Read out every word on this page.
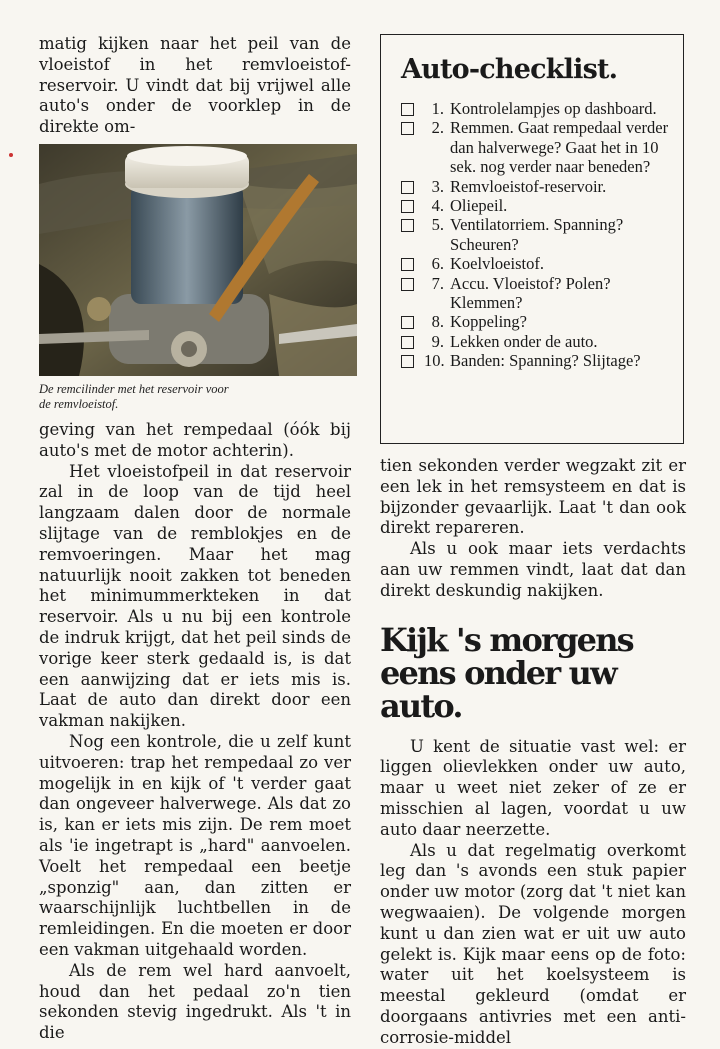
matig kijken naar het peil van de vloeistof in het remvloeistof-reservoir. U vindt dat bij vrijwel alle auto's onder de voorklep in de direkte om-

De remcilinder met het reservoir voor
de remvloeistof.

geving van het rempedaal (óók bij auto's met de motor achterin).

Het vloeistofpeil in dat reservoir zal in de loop van de tijd heel langzaam dalen door de normale slijtage van de remblokjes en de remvoeringen. Maar het mag natuurlijk nooit zakken tot beneden het minimummerkteken in dat reservoir. Als u nu bij een kontrole de indruk krijgt, dat het peil sinds de vorige keer sterk gedaald is, is dat een aanwijzing dat er iets mis is. Laat de auto dan direkt door een vakman nakijken.

Nog een kontrole, die u zelf kunt uitvoeren: trap het rempedaal zo ver mogelijk in en kijk of 't verder gaat dan ongeveer halverwege. Als dat zo is, kan er iets mis zijn. De rem moet als 'ie ingetrapt is „hard" aanvoelen. Voelt het rempedaal een beetje „sponzig" aan, dan zitten er waarschijnlijk luchtbellen in de remleidingen. En die moeten er door een vakman uitgehaald worden.

Als de rem wel hard aanvoelt, houd dan het pedaal zo'n tien sekonden stevig ingedrukt. Als 't in die

Auto-checklist.
1. Kontrolelampjes op dashboard.
2. Remmen. Gaat rempedaal verder dan halverwege? Gaat het in 10 sek. nog verder naar beneden?
3. Remvloeistof-reservoir.
4. Oliepeil.
5. Ventilatorriem. Spanning? Scheuren?
6. Koelvloeistof.
7. Accu. Vloeistof? Polen? Klemmen?
8. Koppeling?
9. Lekken onder de auto.
10. Banden: Spanning? Slijtage?

tien sekonden verder wegzakt zit er een lek in het remsysteem en dat is bijzonder gevaarlijk. Laat 't dan ook direkt repareren.

Als u ook maar iets verdachts aan uw remmen vindt, laat dat dan direkt deskundig nakijken.

Kijk 's morgens
eens onder uw auto.

U kent de situatie vast wel: er liggen olievlekken onder uw auto, maar u weet niet zeker of ze er misschien al lagen, voordat u uw auto daar neerzette.

Als u dat regelmatig overkomt leg dan 's avonds een stuk papier onder uw motor (zorg dat 't niet kan wegwaaien). De volgende morgen kunt u dan zien wat er uit uw auto gelekt is. Kijk maar eens op de foto: water uit het koelsysteem is meestal gekleurd (omdat er doorgaans antivries met een anti-corrosie-middel
